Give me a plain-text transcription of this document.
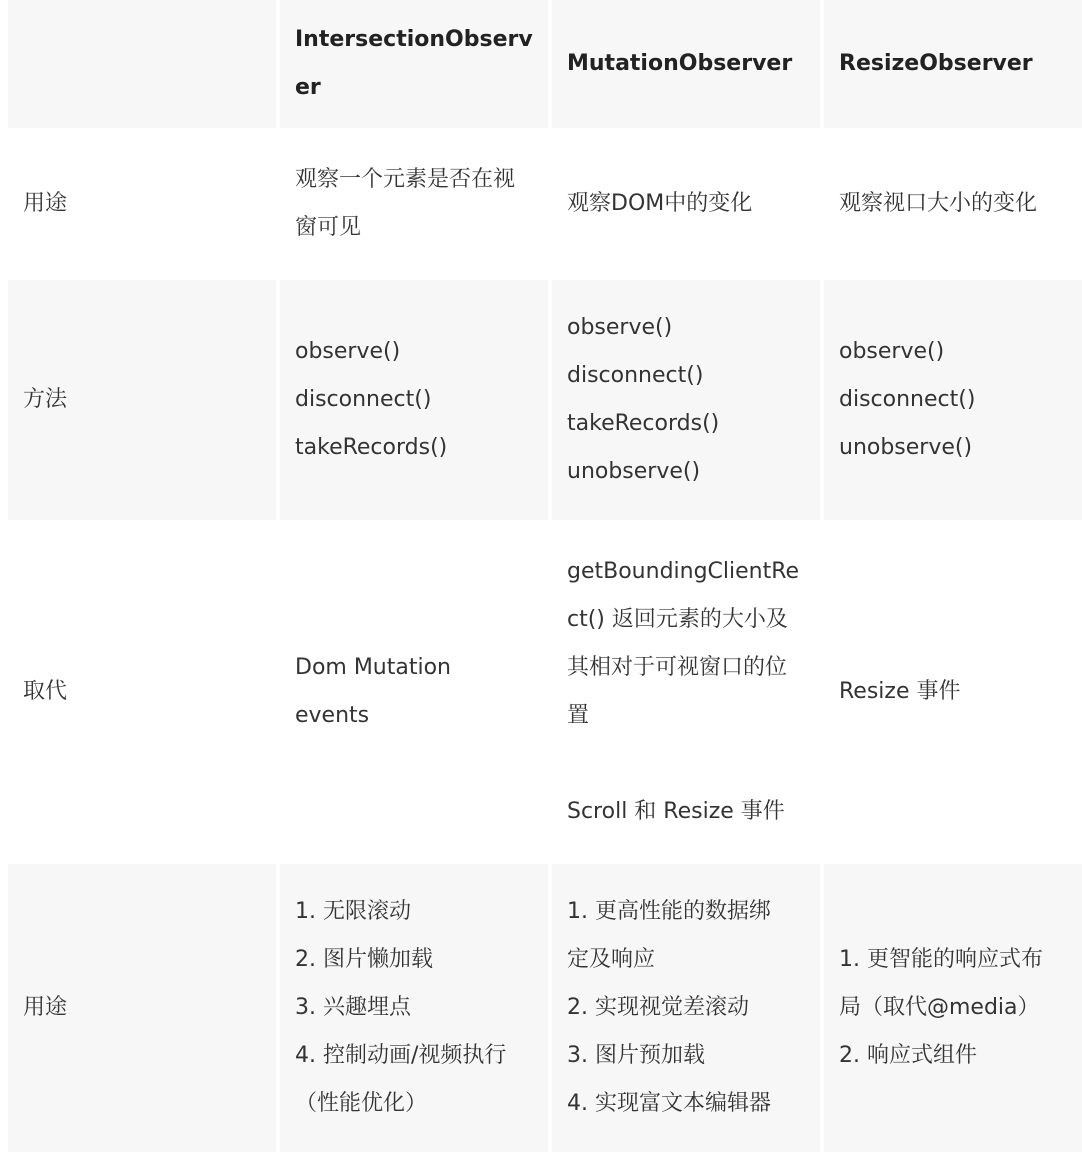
IntersectionObserv
er
MutationObserver	ResizeObserver
用途
观察一个元素是否在视
窗可见
观察DOM中的变化	观察视口大小的变化
方法
observe()
disconnect()
takeRecords()
observe()
disconnect()
takeRecords()
unobserve()
observe()
disconnect()
unobserve()
取代
Dom Mutation
events
getBoundingClientRe
ct() 返回元素的大小及
其相对于可视窗口的位
置
Scroll 和 Resize 事件
Resize 事件
用途
1. 无限滚动
2. 图片懒加载
3. 兴趣埋点
4. 控制动画/视频执行
（性能优化）
1. 更高性能的数据绑
定及响应
2. 实现视觉差滚动
3. 图片预加载
4. 实现富文本编辑器
1. 更智能的响应式布
局（取代@media）
2. 响应式组件
